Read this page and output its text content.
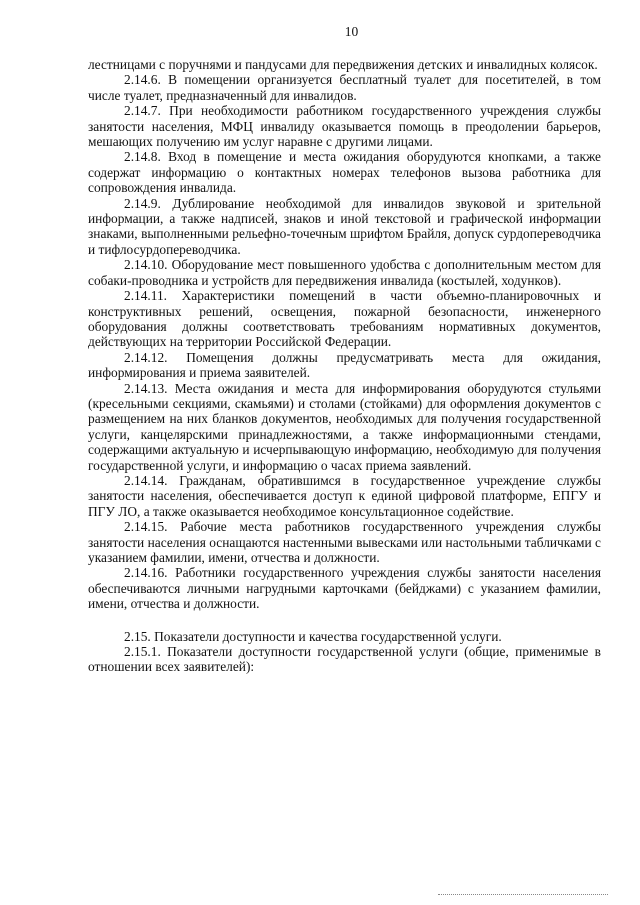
10

лестницами с поручнями и пандусами для передвижения детских и инвалидных колясок.

2.14.6. В помещении организуется бесплатный туалет для посетителей, в том числе туалет, предназначенный для инвалидов.

2.14.7. При необходимости работником государственного учреждения службы занятости населения, МФЦ инвалиду оказывается помощь в преодолении барьеров, мешающих получению им услуг наравне с другими лицами.

2.14.8. Вход в помещение и места ожидания оборудуются кнопками, а также содержат информацию о контактных номерах телефонов вызова работника для сопровождения инвалида.

2.14.9. Дублирование необходимой для инвалидов звуковой и зрительной информации, а также надписей, знаков и иной текстовой и графической информации знаками, выполненными рельефно-точечным шрифтом Брайля, допуск сурдопереводчика и тифлосурдопереводчика.

2.14.10. Оборудование мест повышенного удобства с дополнительным местом для собаки-проводника и устройств для передвижения инвалида (костылей, ходунков).

2.14.11. Характеристики помещений в части объемно-планировочных и конструктивных решений, освещения, пожарной безопасности, инженерного оборудования должны соответствовать требованиям нормативных документов, действующих на территории Российской Федерации.

2.14.12. Помещения должны предусматривать места для ожидания, информирования и приема заявителей.

2.14.13. Места ожидания и места для информирования оборудуются стульями (кресельными секциями, скамьями) и столами (стойками) для оформления документов с размещением на них бланков документов, необходимых для получения государственной услуги, канцелярскими принадлежностями, а также информационными стендами, содержащими актуальную и исчерпывающую информацию, необходимую для получения государственной услуги, и информацию о часах приема заявлений.

2.14.14. Гражданам, обратившимся в государственное учреждение службы занятости населения, обеспечивается доступ к единой цифровой платформе, ЕПГУ и ПГУ ЛО, а также оказывается необходимое консультационное содействие.

2.14.15. Рабочие места работников государственного учреждения службы занятости населения оснащаются настенными вывесками или настольными табличками с указанием фамилии, имени, отчества и должности.

2.14.16. Работники государственного учреждения службы занятости населения обеспечиваются личными нагрудными карточками (бейджами) с указанием фамилии, имени, отчества и должности.

2.15. Показатели доступности и качества государственной услуги.

2.15.1. Показатели доступности государственной услуги (общие, применимые в отношении всех заявителей):
